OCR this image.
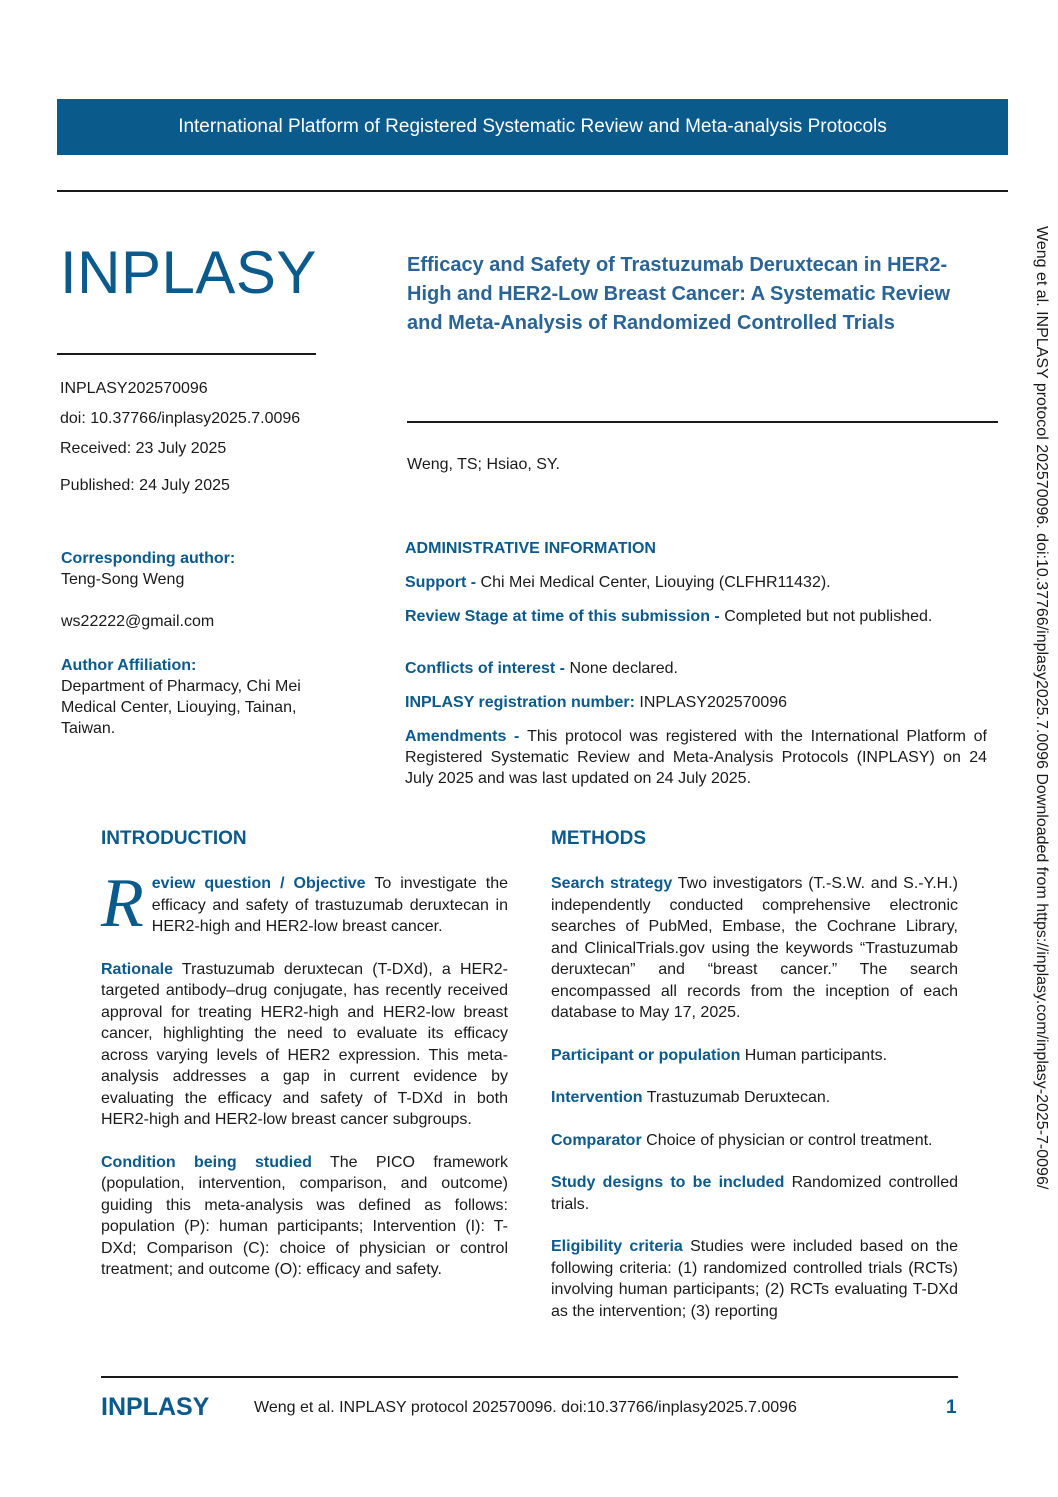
International Platform of Registered Systematic Review and Meta-analysis Protocols
INPLASY	Efficacy and Safety of Trastuzumab Deruxtecan in HER2-High and HER2-Low Breast Cancer: A Systematic Review and Meta-Analysis of Randomized Controlled Trials
INPLASY202570096
doi: 10.37766/inplasy2025.7.0096
Received: 23 July 2025
Published: 24 July 2025
Weng, TS; Hsiao, SY.
Corresponding author:
Teng-Song Weng
ws22222@gmail.com
Author Affiliation:
Department of Pharmacy, Chi Mei Medical Center, Liouying, Tainan, Taiwan.
ADMINISTRATIVE INFORMATION
Support - Chi Mei Medical Center, Liouying (CLFHR11432).
Review Stage at time of this submission - Completed but not published.
Conflicts of interest - None declared.
INPLASY registration number: INPLASY202570096
Amendments - This protocol was registered with the International Platform of Registered Systematic Review and Meta-Analysis Protocols (INPLASY) on 24 July 2025 and was last updated on 24 July 2025.
INTRODUCTION

Review question / Objective To investigate the efficacy and safety of trastuzumab deruxtecan in HER2-high and HER2-low breast cancer.

Rationale Trastuzumab deruxtecan (T-DXd), a HER2-targeted antibody–drug conjugate, has recently received approval for treating HER2-high and HER2-low breast cancer, highlighting the need to evaluate its efficacy across varying levels of HER2 expression. This meta-analysis addresses a gap in current evidence by evaluating the efficacy and safety of T-DXd in both HER2-high and HER2-low breast cancer subgroups.

Condition being studied The PICO framework (population, intervention, comparison, and outcome) guiding this meta-analysis was defined as follows: population (P): human participants; Intervention (I): T-DXd; Comparison (C): choice of physician or control treatment; and outcome (O): efficacy and safety.

METHODS

Search strategy Two investigators (T.-S.W. and S.-Y.H.) independently conducted comprehensive electronic searches of PubMed, Embase, the Cochrane Library, and ClinicalTrials.gov using the keywords “Trastuzumab deruxtecan” and “breast cancer.” The search encompassed all records from the inception of each database to May 17, 2025.

Participant or population Human participants.

Intervention Trastuzumab Deruxtecan.

Comparator Choice of physician or control treatment.

Study designs to be included Randomized controlled trials.

Eligibility criteria Studies were included based on the following criteria: (1) randomized controlled trials (RCTs) involving human participants; (2) RCTs evaluating T-DXd as the intervention; (3) reporting

Weng et al. INPLASY protocol 202570096. doi:10.37766/inplasy2025.7.0096 Downloaded from https://inplasy.com/inplasy-2025-7-0096/
INPLASY	Weng et al. INPLASY protocol 202570096. doi:10.37766/inplasy2025.7.0096	1
